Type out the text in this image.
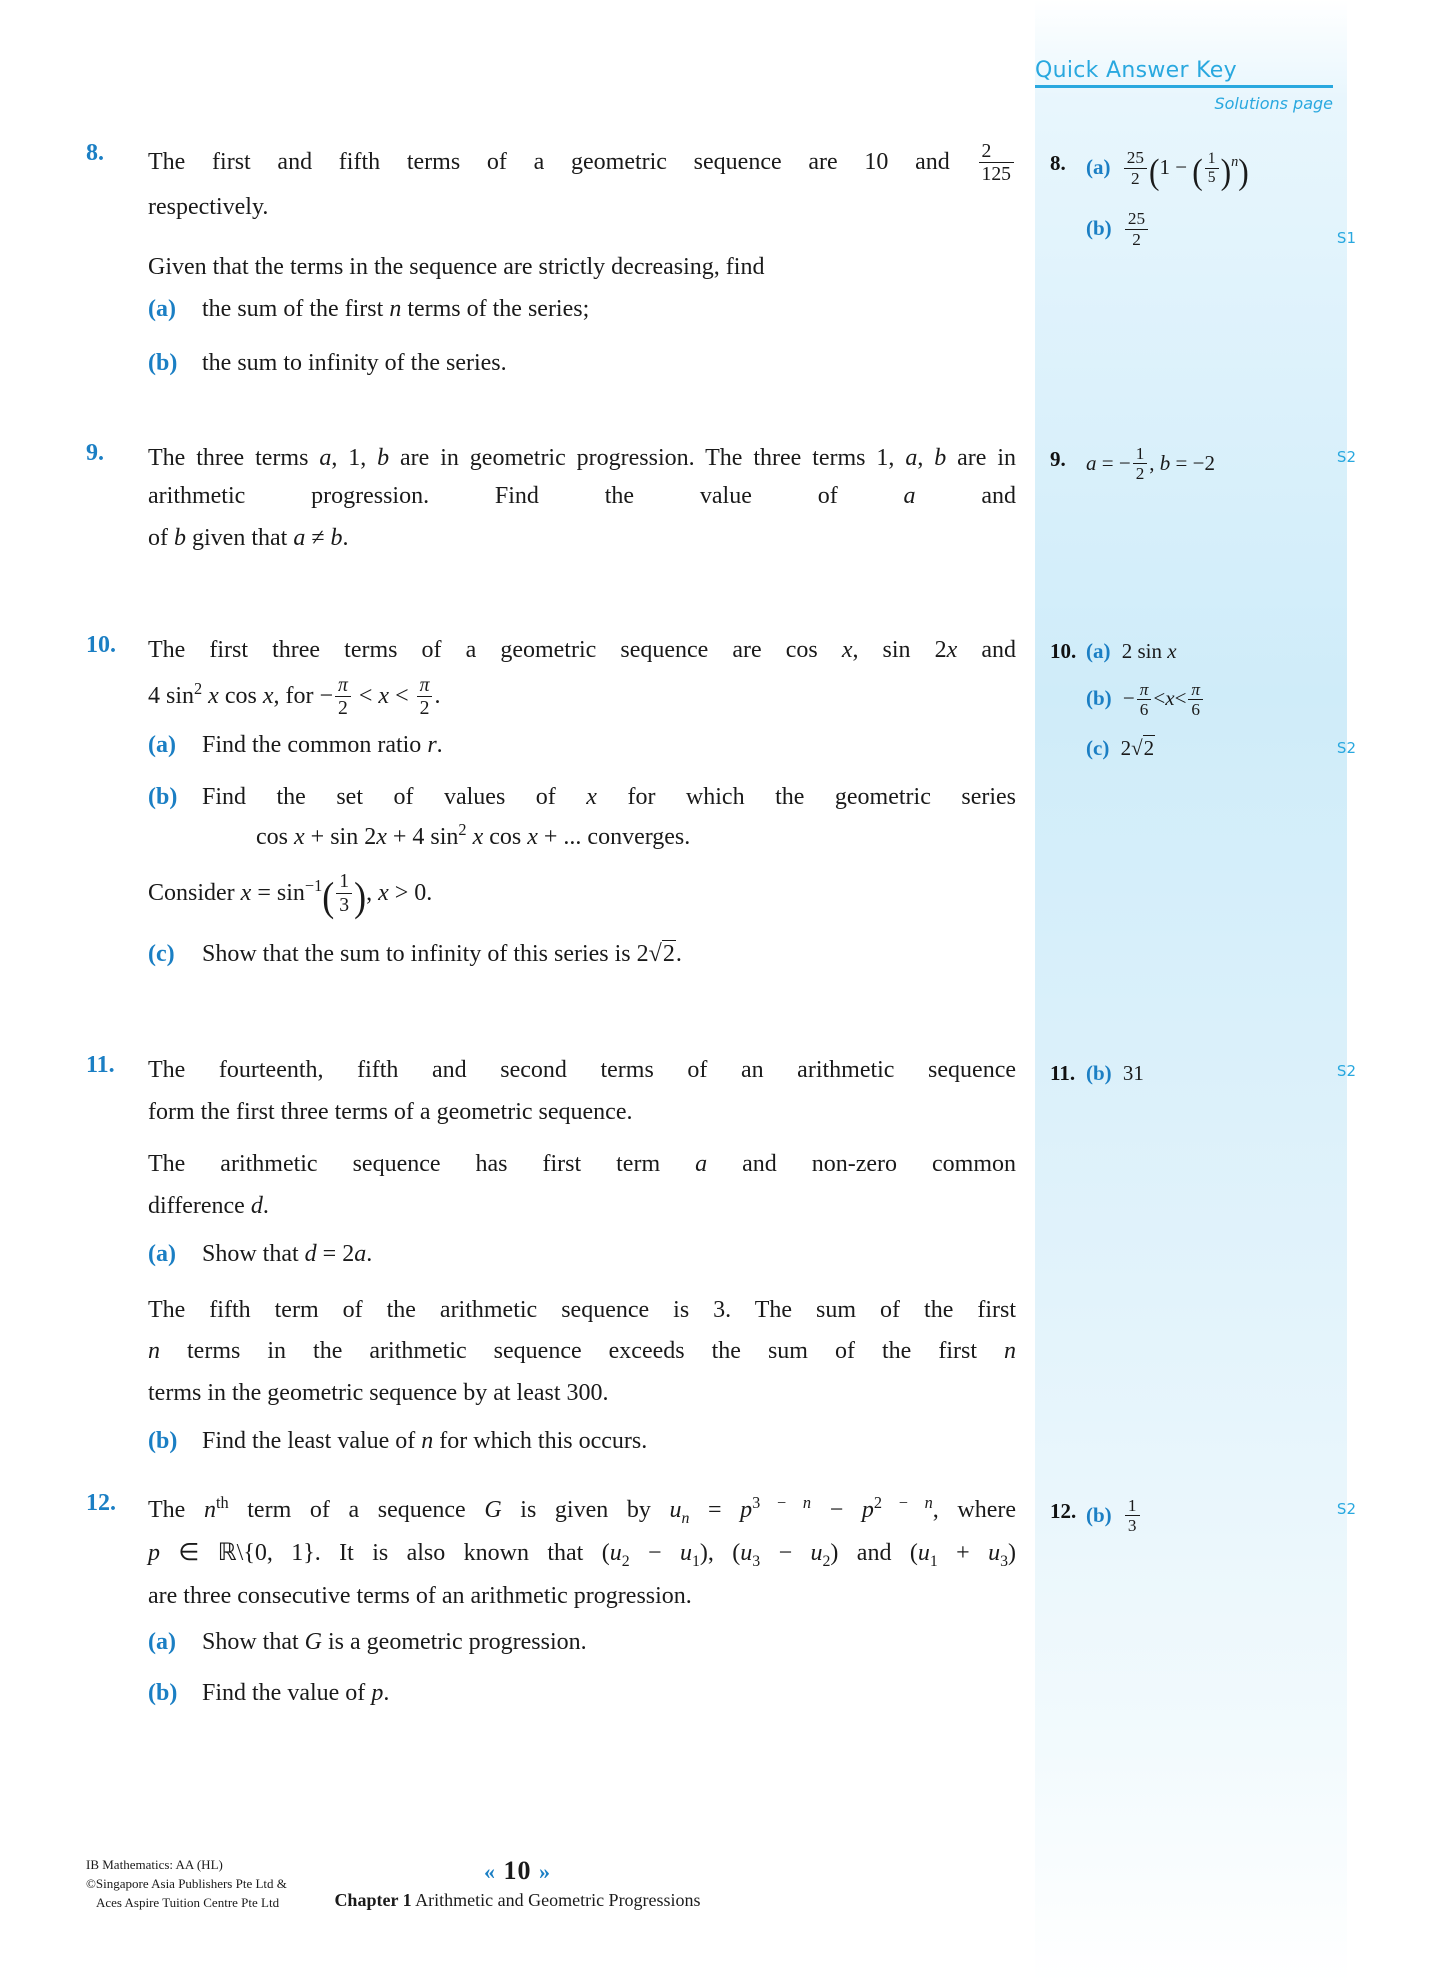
Quick Answer Key
Solutions page
8.	The first and fifth terms of a geometric sequence are 10 and $\frac{2}{125}$

respectively.

Given that the terms in the sequence are strictly decreasing, find

(a) the sum of the first n terms of the series;
(b) the sum to infinity of the series.
9.	The three terms a, 1, b are in geometric progression. The three terms 1, a, b are in arithmetic progression. Find the value of a and

of b given that a ≠ b.

10.	The first three terms of a geometric sequence are cos x, sin 2x and

4 $\sin^2 x$ cos x, for − $\frac{\pi}{2} < x < \frac{\pi}{2}$ .

(a) Find the common ratio r.
(b) Find the set of values of x for which the geometric series
cos x + sin 2x + 4 $\sin^2 x$ cos x + ... converges.

Consider $x = \sin^{-1}( \frac{1}{3}$ ), x > 0.

(c) Show that the sum to infinity of this series is 2√2.
11.	The fourteenth, fifth and second terms of an arithmetic sequence

form the first three terms of a geometric sequence.

The arithmetic sequence has first term a and non-zero common

difference d.

(a) Show that d = 2a.

The fifth term of the arithmetic sequence is 3. The sum of the first

n terms in the arithmetic sequence exceeds the sum of the first n

terms in the geometric sequence by at least 300.

(b) Find the least value of n for which this occurs.
12.	The $n^{th}$ term of a sequence G is given by $u_n = p^{3 - n} - p^{2 - n}$, where

p ∈ ℝ\{0, 1}. It is also known that $(u_2 - u_1)$, $(u_3 - u_2)$ and $(u_1 + u_3)$

are three consecutive terms of an arithmetic progression.

(a) Show that G is a geometric progression.
(b) Find the value of p.
8. $(a) \frac{25}{2} (1$ − ( $\frac{1}{5} )^n$)
$(b) \frac{25}{2}$	S1
9. a = − $\frac{1}{2}$ , b = −2	S2
10. (a) 2 sin x
$(b) - \frac{\pi}{6} <x< \frac{\pi}{6}$
(c) 2√2	S2
11. (b) 31	S2
12. $(b) \frac{1}{3}$	S2
IB Mathematics: AA (HL)
©Singapore Asia Publishers Pte Ltd &
Aces Aspire Tuition Centre Pte Ltd
« 10 »
Chapter 1 Arithmetic and Geometric Progressions
